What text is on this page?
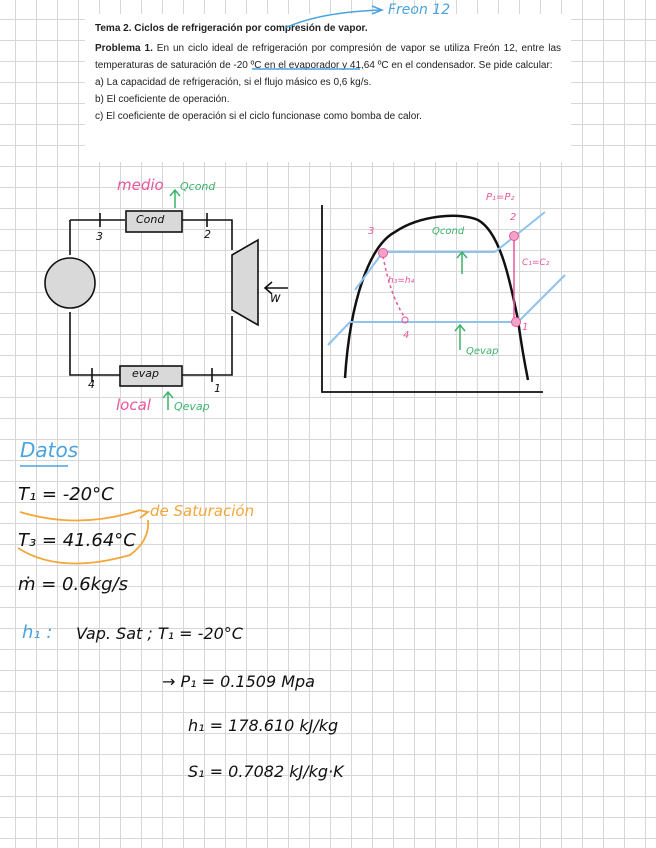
Tema 2. Ciclos de refrigeración por compresión de vapor.

Problema 1. En un ciclo ideal de refrigeración por compresión de vapor se utiliza Freón 12, entre las temperaturas de saturación de -20 ºC en el evaporador y 41,64 ºC en el condensador. Se pide calcular:

a) La capacidad de refrigeración, si el flujo másico es 0,6 kg/s.

b) El coeficiente de operación.

c) El coeficiente de operación si el ciclo funcionase como bomba de calor.

Freon 12
medio Qcond
Cond
3	2
4	1
evap
local Qevap
w
3
2
1
4
P₁=P₂
h₃=h₄
C₁=C₂
Qcond
Qevap
Datos
T₁ = -20°C
de Saturación
T₃ = 41.64°C
ṁ = 0.6kg/s
h₁ : Vap. Sat ; T₁ = -20°C
→ P₁ = 0.1509 Mpa
h₁ = 178.610 kJ/kg
S₁ = 0.7082 kJ/kg·K
